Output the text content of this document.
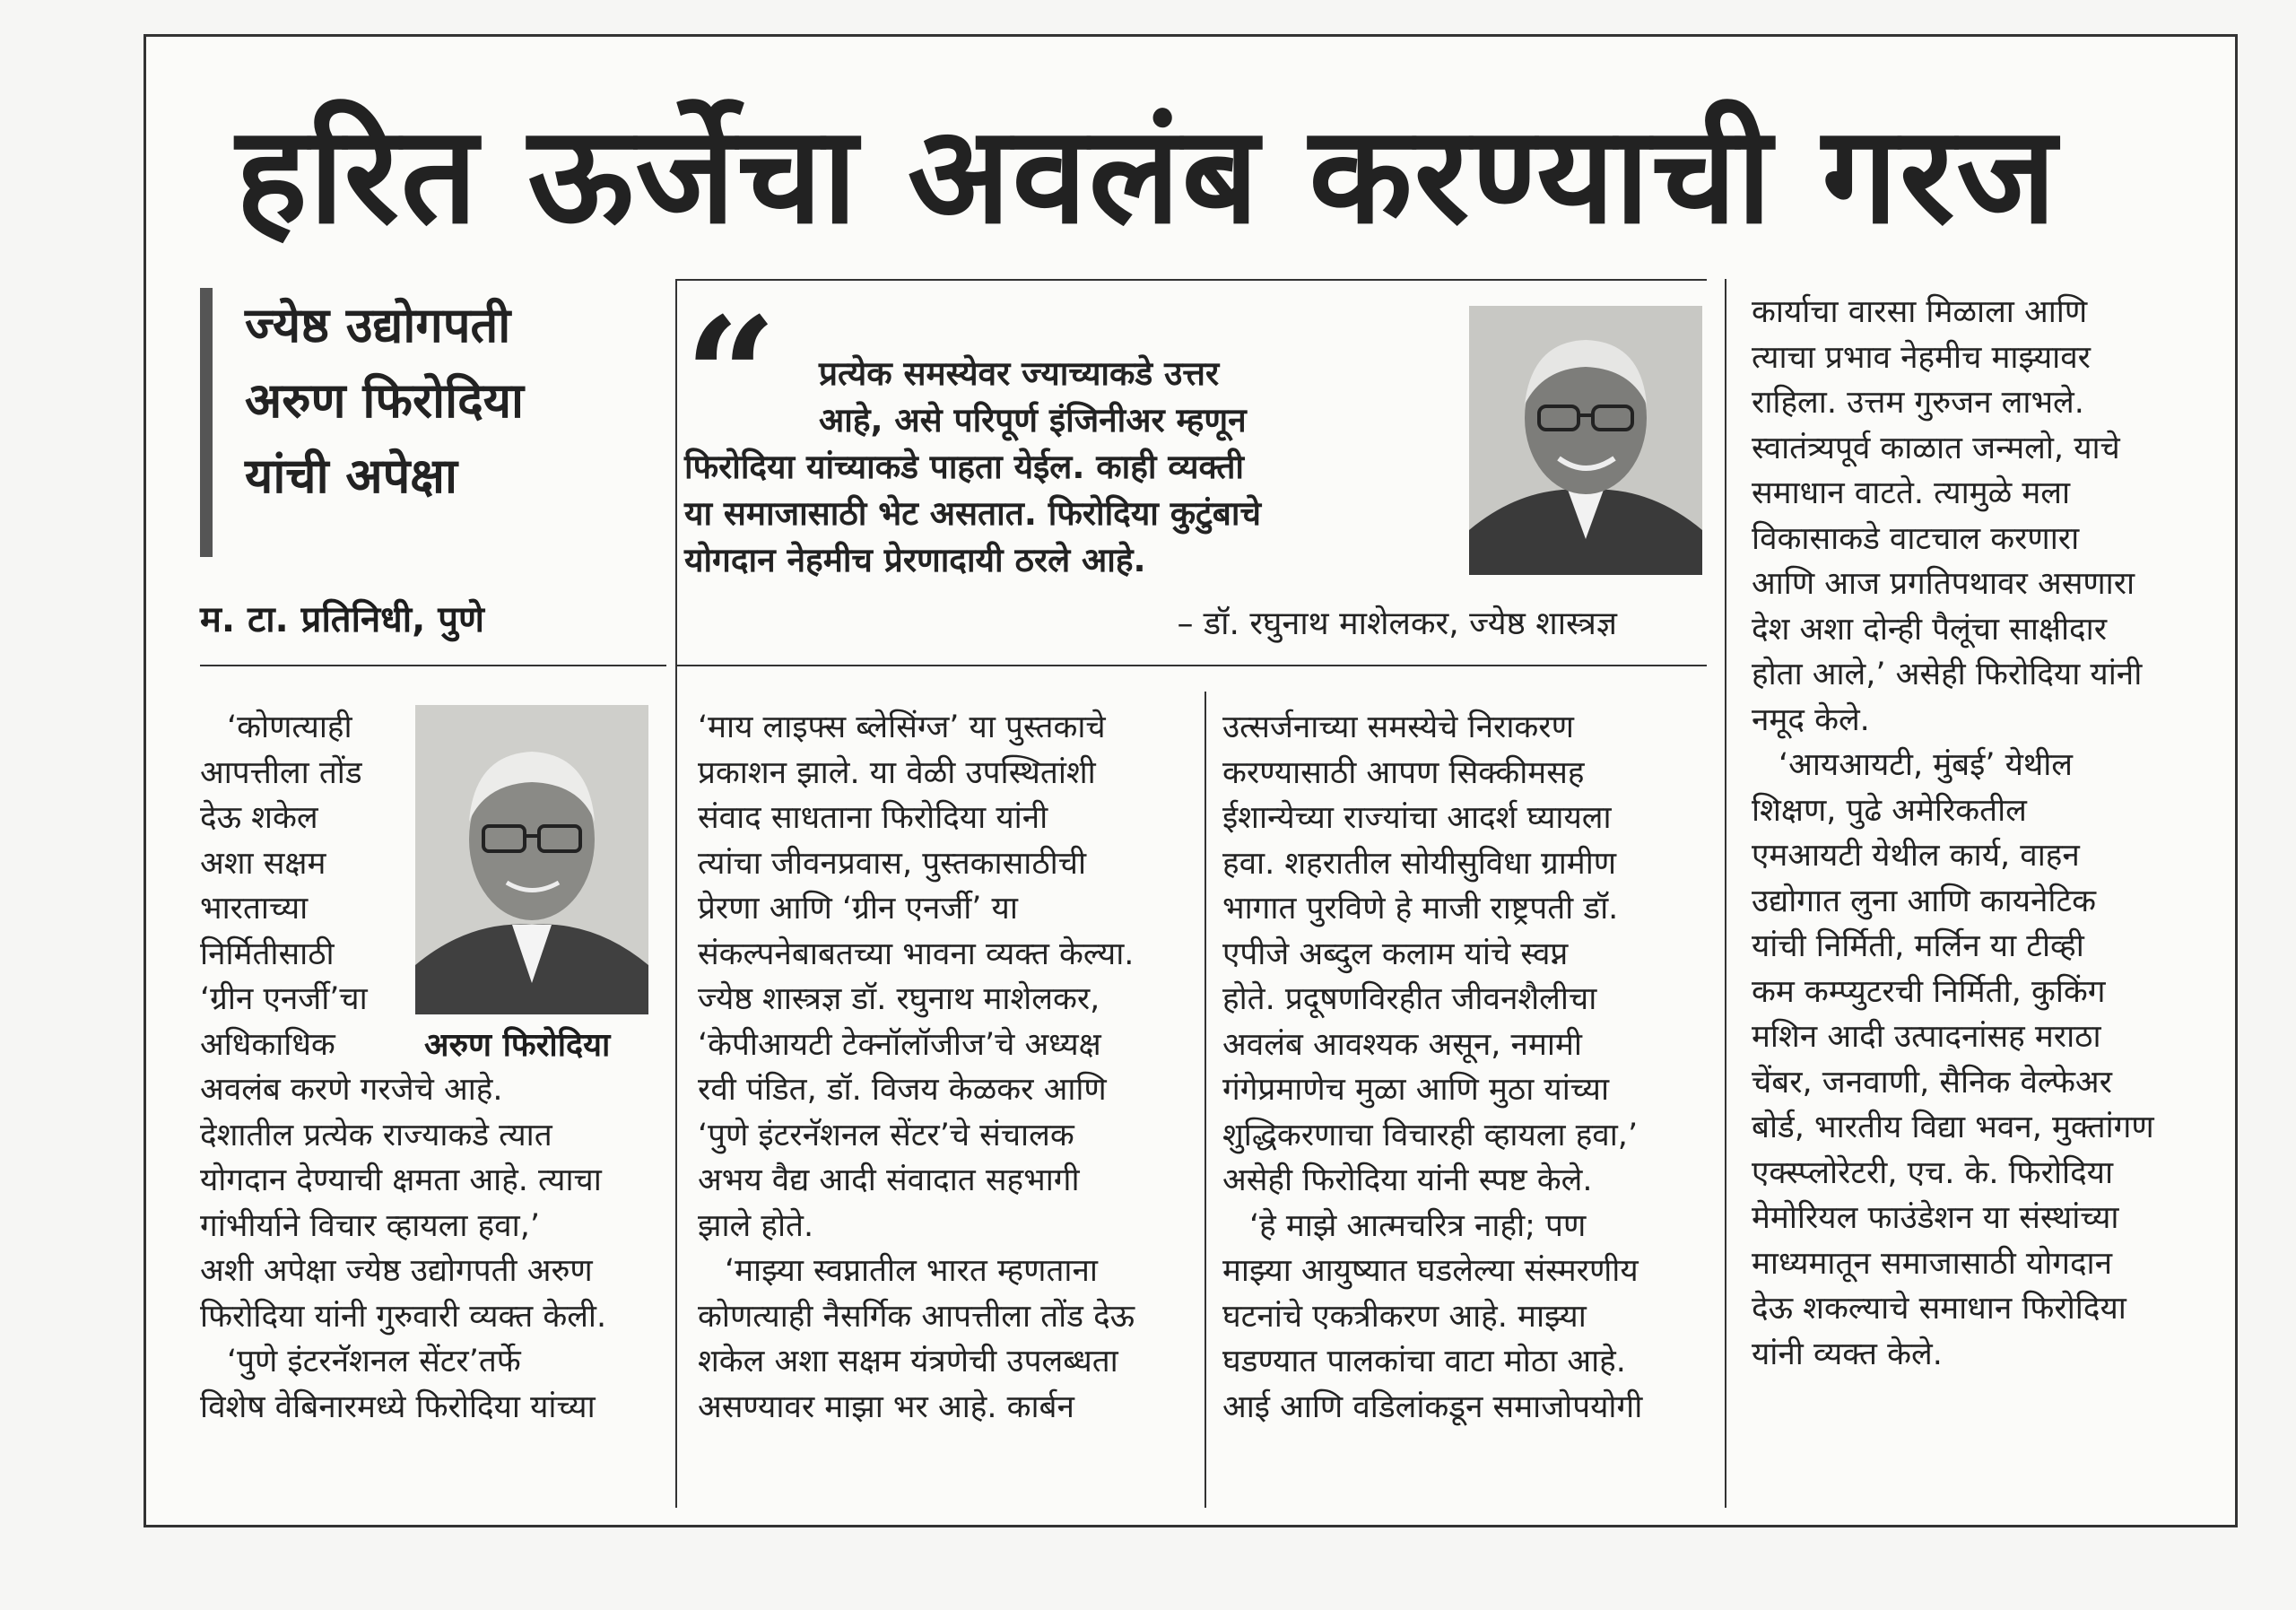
हरित ऊर्जेचा अवलंब करण्याची गरज
ज्येष्ठ उद्योगपती
अरुण फिरोदिया
यांची अपेक्षा
म. टा. प्रतिनिधी, पुणे
“	प्रत्येक समस्येवर ज्याच्याकडे उत्तर
आहे, असे परिपूर्ण इंजिनीअर म्हणून
फिरोदिया यांच्याकडे पाहता येईल. काही व्यक्ती
या समाजासाठी भेट असतात. फिरोदिया कुटुंबाचे
योगदान नेहमीच प्रेरणादायी ठरले आहे.
– डॉ. रघुनाथ माशेलकर, ज्येष्ठ शास्त्रज्ञ
अरुण फिरोदिया

‘कोणत्याही

आपत्तीला तोंड

देऊ शकेल

अशा सक्षम

भारताच्या

निर्मितीसाठी

‘ग्रीन एनर्जी’चा

अधिकाधिक

अवलंब करणे गरजेचे आहे.

देशातील प्रत्येक राज्याकडे त्यात

योगदान देण्याची क्षमता आहे. त्याचा

गांभीर्याने विचार व्हायला हवा,’

अशी अपेक्षा ज्येष्ठ उद्योगपती अरुण

फिरोदिया यांनी गुरुवारी व्यक्त केली.

‘पुणे इंटरनॅशनल सेंटर’तर्फे

विशेष वेबिनारमध्ये फिरोदिया यांच्या

‘माय लाइफ्स ब्लेसिंग्ज’ या पुस्तकाचे

प्रकाशन झाले. या वेळी उपस्थितांशी

संवाद साधताना फिरोदिया यांनी

त्यांचा जीवनप्रवास, पुस्तकासाठीची

प्रेरणा आणि ‘ग्रीन एनर्जी’ या

संकल्पनेबाबतच्या भावना व्यक्त केल्या.

ज्येष्ठ शास्त्रज्ञ डॉ. रघुनाथ माशेलकर,

‘केपीआयटी टेक्नॉलॉजीज’चे अध्यक्ष

रवी पंडित, डॉ. विजय केळकर आणि

‘पुणे इंटरनॅशनल सेंटर’चे संचालक

अभय वैद्य आदी संवादात सहभागी

झाले होते.

‘माझ्या स्वप्नातील भारत म्हणताना

कोणत्याही नैसर्गिक आपत्तीला तोंड देऊ

शकेल अशा सक्षम यंत्रणेची उपलब्धता

असण्यावर माझा भर आहे. कार्बन

उत्सर्जनाच्या समस्येचे निराकरण

करण्यासाठी आपण सिक्कीमसह

ईशान्येच्या राज्यांचा आदर्श घ्यायला

हवा. शहरातील सोयीसुविधा ग्रामीण

भागात पुरविणे हे माजी राष्ट्रपती डॉ.

एपीजे अब्दुल कलाम यांचे स्वप्न

होते. प्रदूषणविरहीत जीवनशैलीचा

अवलंब आवश्यक असून, नमामी

गंगेप्रमाणेच मुळा आणि मुठा यांच्या

शुद्धिकरणाचा विचारही व्हायला हवा,’

असेही फिरोदिया यांनी स्पष्ट केले.

‘हे माझे आत्मचरित्र नाही; पण

माझ्या आयुष्यात घडलेल्या संस्मरणीय

घटनांचे एकत्रीकरण आहे. माझ्या

घडण्यात पालकांचा वाटा मोठा आहे.

आई आणि वडिलांकडून समाजोपयोगी

कार्याचा वारसा मिळाला आणि

त्याचा प्रभाव नेहमीच माझ्यावर

राहिला. उत्तम गुरुजन लाभले.

स्वातंत्र्यपूर्व काळात जन्मलो, याचे

समाधान वाटते. त्यामुळे मला

विकासाकडे वाटचाल करणारा

आणि आज प्रगतिपथावर असणारा

देश अशा दोन्ही पैलूंचा साक्षीदार

होता आले,’ असेही फिरोदिया यांनी

नमूद केले.

‘आयआयटी, मुंबई’ येथील

शिक्षण, पुढे अमेरिकतील

एमआयटी येथील कार्य, वाहन

उद्योगात लुना आणि कायनेटिक

यांची निर्मिती, मर्लिन या टीव्ही

कम कम्प्युटरची निर्मिती, कुकिंग

मशिन आदी उत्पादनांसह मराठा

चेंबर, जनवाणी, सैनिक वेल्फेअर

बोर्ड, भारतीय विद्या भवन, मुक्तांगण

एक्स्प्लोरेटरी, एच. के. फिरोदिया

मेमोरियल फाउंडेशन या संस्थांच्या

माध्यमातून समाजासाठी योगदान

देऊ शकल्याचे समाधान फिरोदिया

यांनी व्यक्त केले.
